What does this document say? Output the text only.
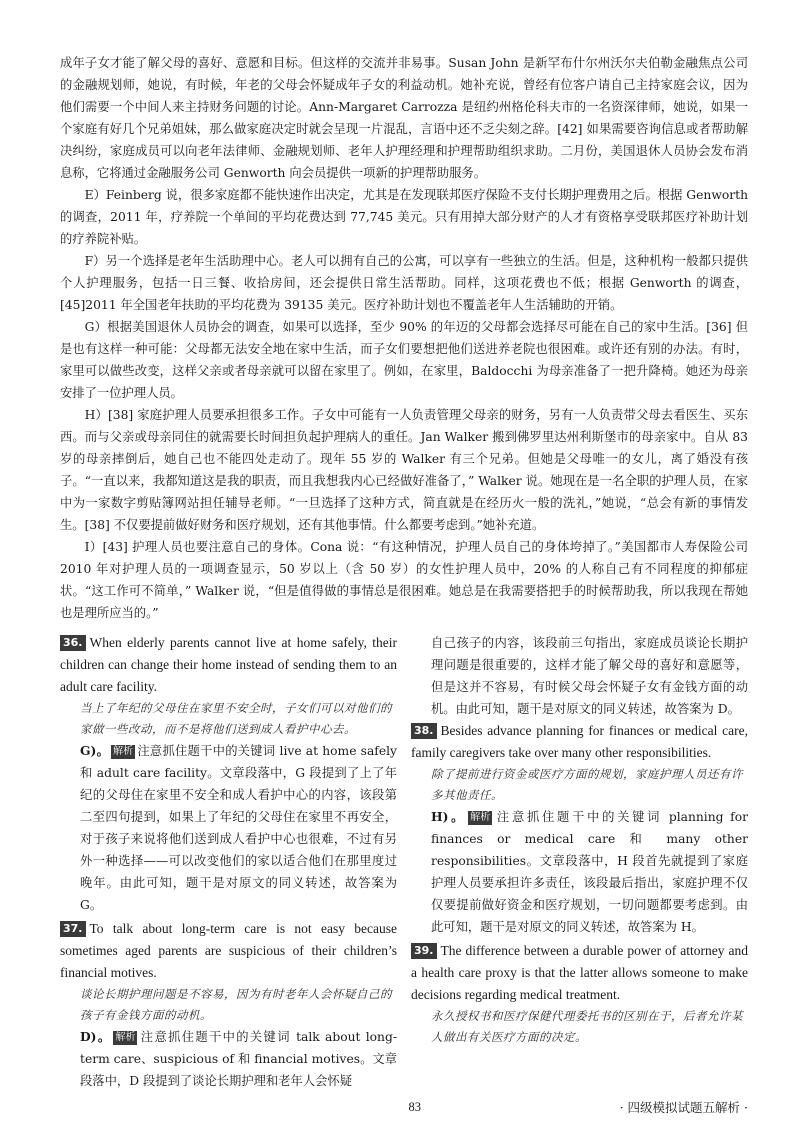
成年子女才能了解父母的喜好、意愿和目标。但这样的交流并非易事。Susan John 是新罕布什尔州沃尔夫伯勒金融焦点公司的金融规划师，她说，有时候，年老的父母会怀疑成年子女的利益动机。她补充说，曾经有位客户请自己主持家庭会议，因为他们需要一个中间人来主持财务问题的讨论。Ann-Margaret Carrozza 是纽约州格伦科夫市的一名资深律师，她说，如果一个家庭有好几个兄弟姐妹，那么做家庭决定时就会呈现一片混乱，言语中还不乏尖刻之辞。[42] 如果需要咨询信息或者帮助解决纠纷，家庭成员可以向老年法律师、金融规划师、老年人护理经理和护理帮助组织求助。二月份，美国退休人员协会发布消息称，它将通过金融服务公司 Genworth 向会员提供一项新的护理帮助服务。

E）Feinberg 说，很多家庭都不能快速作出决定，尤其是在发现联邦医疗保险不支付长期护理费用之后。根据 Genworth 的调查，2011 年，疗养院一个单间的平均花费达到 77,745 美元。只有用掉大部分财产的人才有资格享受联邦医疗补助计划的疗养院补贴。

F）另一个选择是老年生活助理中心。老人可以拥有自己的公寓，可以享有一些独立的生活。但是，这种机构一般都只提供个人护理服务，包括一日三餐、收拾房间，还会提供日常生活帮助。同样，这项花费也不低；根据 Genworth 的调查，[45]2011 年全国老年扶助的平均花费为 39135 美元。医疗补助计划也不覆盖老年人生活辅助的开销。

G）根据美国退休人员协会的调查，如果可以选择，至少 90% 的年迈的父母都会选择尽可能在自己的家中生活。[36] 但是也有这样一种可能：父母都无法安全地在家中生活，而子女们要想把他们送进养老院也很困难。或许还有别的办法。有时，家里可以做些改变，这样父亲或者母亲就可以留在家里了。例如，在家里，Baldocchi 为母亲准备了一把升降椅。她还为母亲安排了一位护理人员。

H）[38] 家庭护理人员要承担很多工作。子女中可能有一人负责管理父母亲的财务，另有一人负责带父母去看医生、买东西。而与父亲或母亲同住的就需要长时间担负起护理病人的重任。Jan Walker 搬到佛罗里达州利斯堡市的母亲家中。自从 83 岁的母亲摔倒后，她自己也不能四处走动了。现年 55 岁的 Walker 有三个兄弟。但她是父母唯一的女儿，离了婚没有孩子。“一直以来，我都知道这是我的职责，而且我想我内心已经做好准备了，” Walker 说。她现在是一名全职的护理人员，在家中为一家数字剪贴簿网站担任辅导老师。“一旦选择了这种方式，简直就是在经历火一般的洗礼，”她说，“总会有新的事情发生。[38] 不仅要提前做好财务和医疗规划，还有其他事情。什么都要考虑到。”她补充道。

I）[43] 护理人员也要注意自己的身体。Cona 说：“有这种情况，护理人员自己的身体垮掉了。”美国都市人寿保险公司 2010 年对护理人员的一项调查显示，50 岁以上（含 50 岁）的女性护理人员中，20% 的人称自己有不同程度的抑郁症状。“这工作可不简单，” Walker 说，“但是值得做的事情总是很困难。她总是在我需要搭把手的时候帮助我，所以我现在帮她也是理所应当的。”

36. When elderly parents cannot live at home safely, their children can change their home instead of sending them to an adult care facility.
当上了年纪的父母住在家里不安全时，子女们可以对他们的家做一些改动，而不是将他们送到成人看护中心去。
G)。 解析 注意抓住题干中的关键词 live at home safely 和 adult care facility。文章段落中，G 段提到了上了年纪的父母住在家里不安全和成人看护中心的内容，该段第二至四句提到，如果上了年纪的父母住在家里不再安全，对于孩子来说将他们送到成人看护中心也很难，不过有另外一种选择——可以改变他们的家以适合他们在那里度过晚年。由此可知，题干是对原文的同义转述，故答案为 G。
37. To talk about long-term care is not easy because sometimes aged parents are suspicious of their children’s financial motives.
谈论长期护理问题是不容易，因为有时老年人会怀疑自己的孩子有金钱方面的动机。
D)。 解析 注意抓住题干中的关键词 talk about long-term care、suspicious of 和 financial motives。文章段落中，D 段提到了谈论长期护理和老年人会怀疑
自己孩子的内容，该段前三句指出，家庭成员谈论长期护理问题是很重要的，这样才能了解父母的喜好和意愿等，但是这并不容易，有时候父母会怀疑子女有金钱方面的动机。由此可知，题干是对原文的同义转述，故答案为 D。
38. Besides advance planning for finances or medical care, family caregivers take over many other responsibilities.
除了提前进行资金或医疗方面的规划，家庭护理人员还有许多其他责任。
H)。 解析 注意抓住题干中的关键词 planning for finances or medical care 和 many other responsibilities。文章段落中，H 段首先就提到了家庭护理人员要承担许多责任，该段最后指出，家庭护理不仅仅要提前做好资金和医疗规划，一切问题都要考虑到。由此可知，题干是对原文的同义转述，故答案为 H。
39. The difference between a durable power of attorney and a health care proxy is that the latter allows someone to make decisions regarding medical treatment.
永久授权书和医疗保健代理委托书的区别在于，后者允许某人做出有关医疗方面的决定。
83	· 四级模拟试题五解析 ·
